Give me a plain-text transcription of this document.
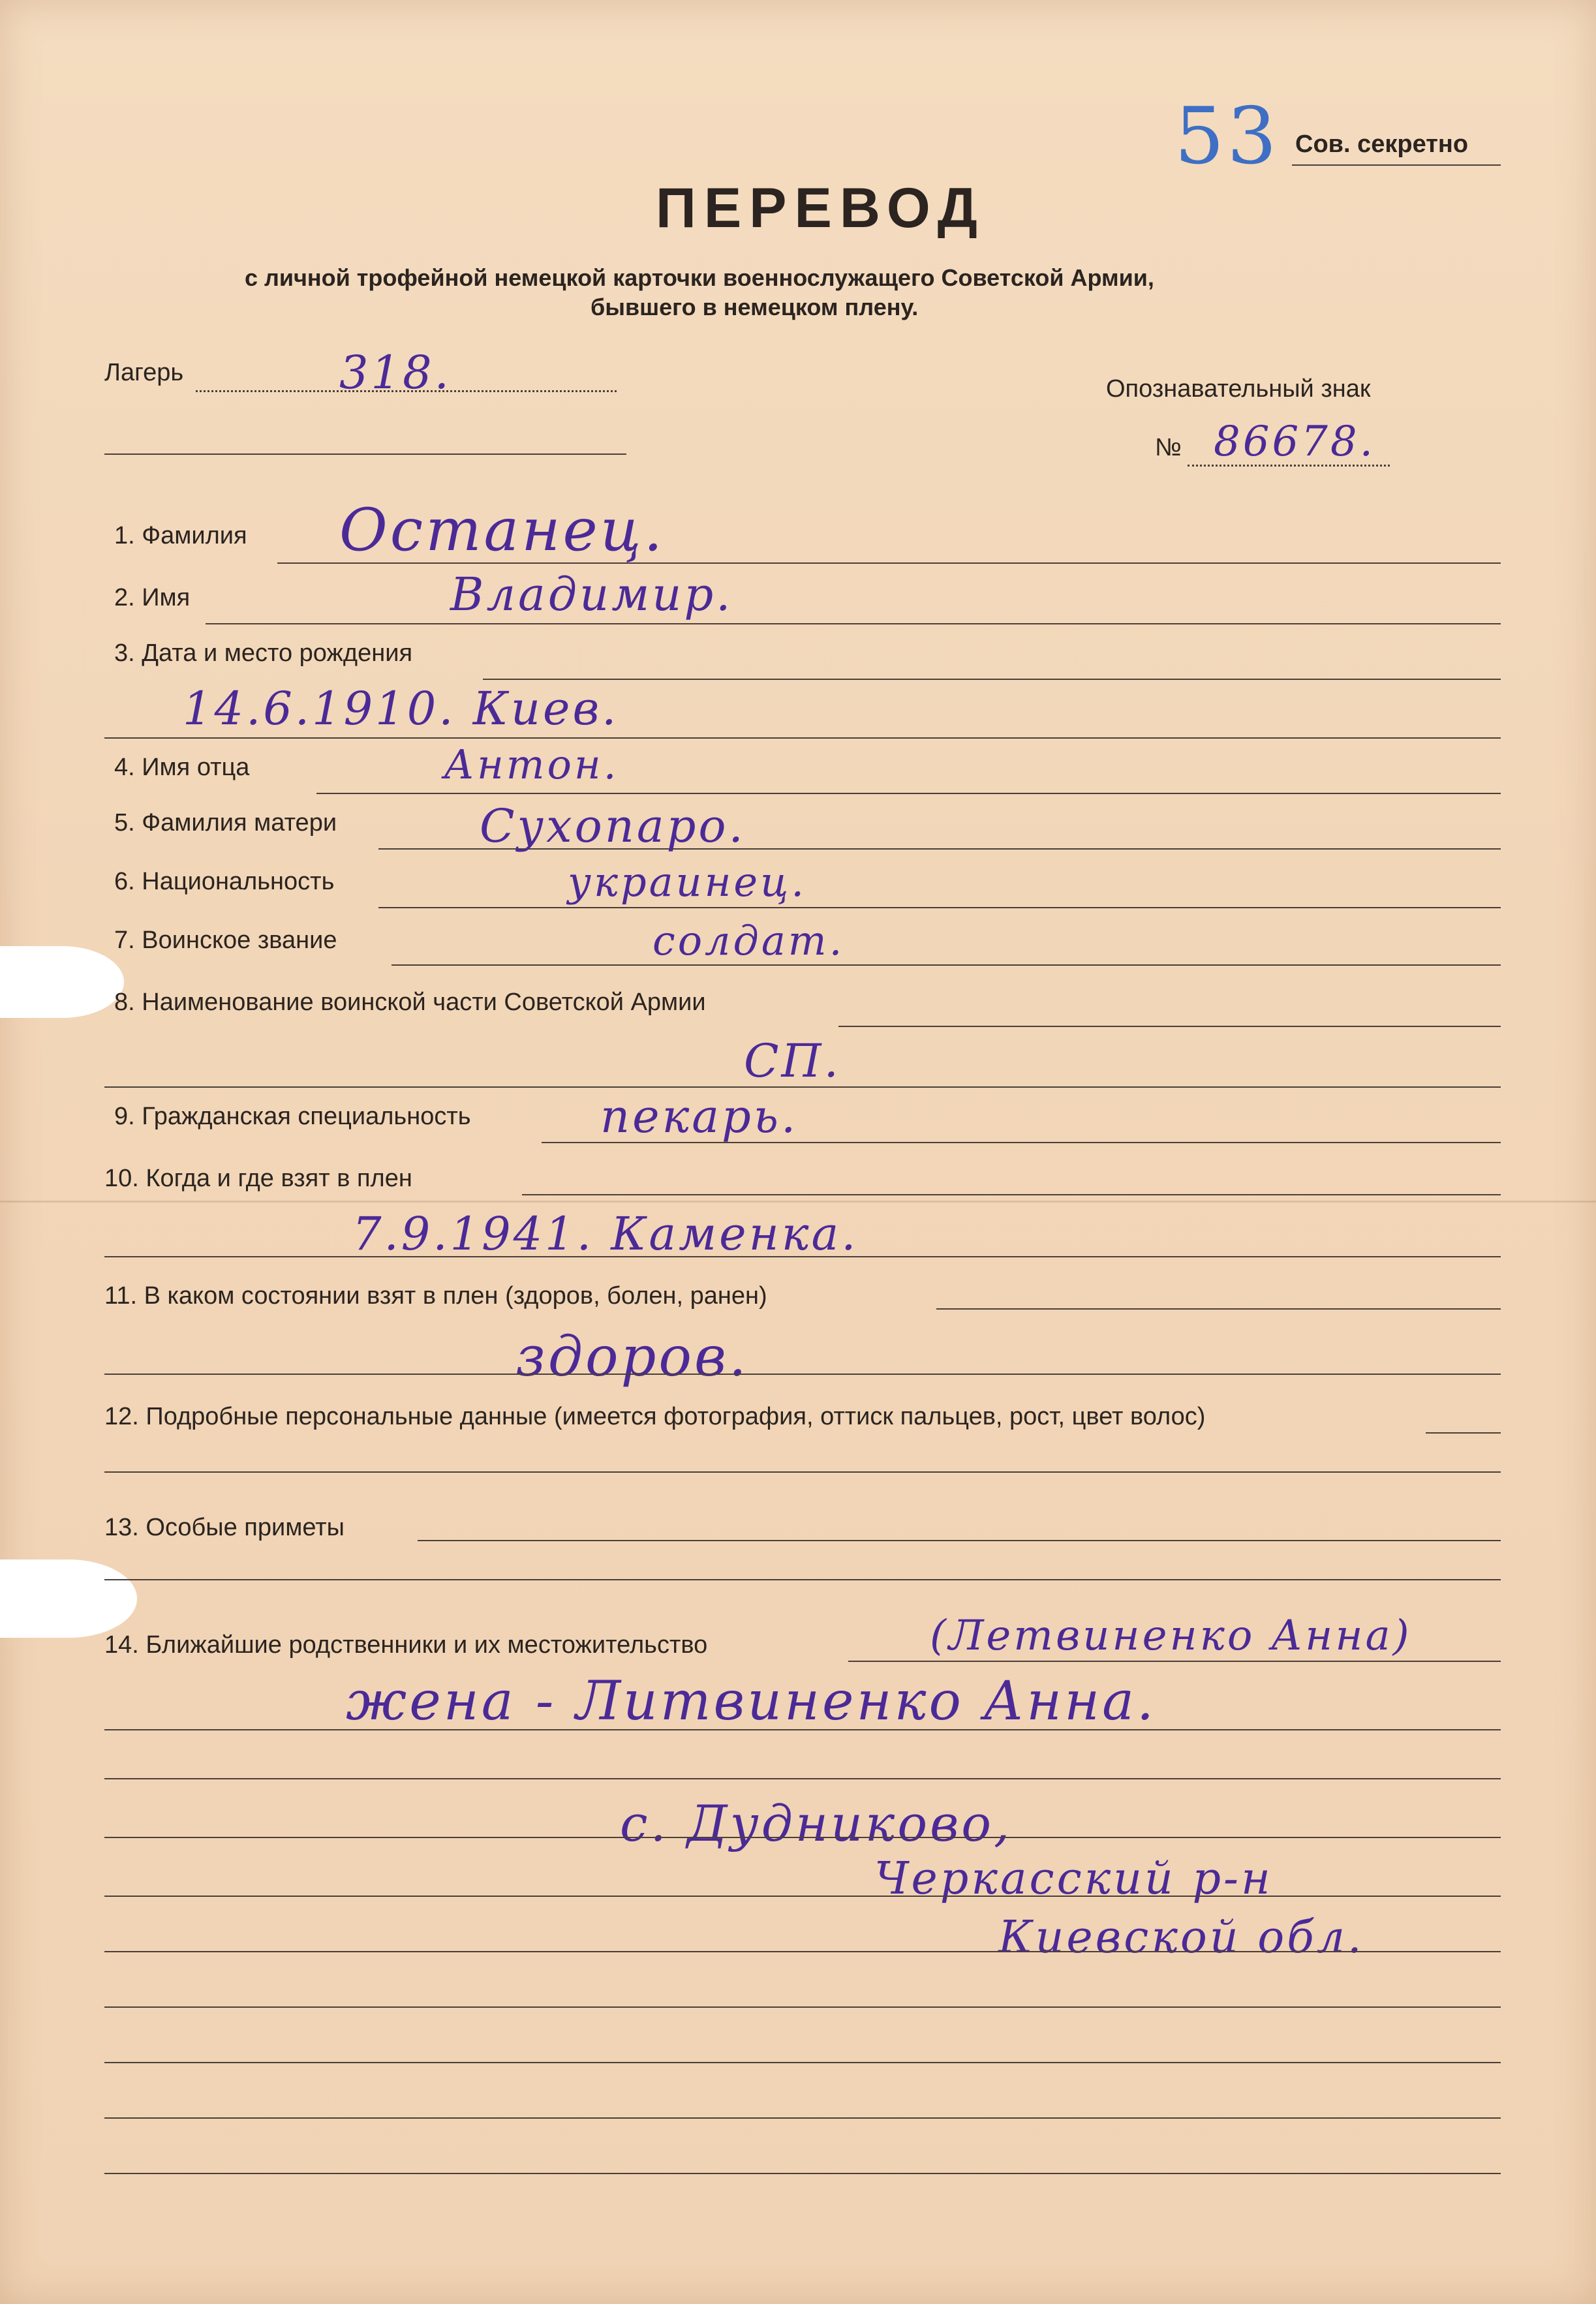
53 Сов. секретно
ПЕРЕВОД
с личной трофейной немецкой карточки военнослужащего Советской Армии,
бывшего в немецком плену.
Лагерь	318.	Опознавательный знак
№ 86678.
1. Фамилия Останец.
2. Имя	Владимир.
3. Дата и место рождения
14.6.1910. Киев.
4. Имя отца	Антон.
5. Фамилия матери	Сухопаро.
6. Национальность	украинец.
7. Воинское звание	солдат.
8. Наименование воинской части Советской Армии
СП.
9. Гражданская специальность	пекарь.
10. Когда и где взят в плен
7.9.1941. Каменка.
11. В каком состоянии взят в плен (здоров, болен, ранен)
здоров.
12. Подробные персональные данные (имеется фотография, оттиск пальцев, рост, цвет волос)
13. Особые приметы
14. Ближайшие родственники и их местожительство	(Летвиненко Анна)
жена - Литвиненко Анна.
с. Дудниково,
Черкасский р-н
Киевской обл.
